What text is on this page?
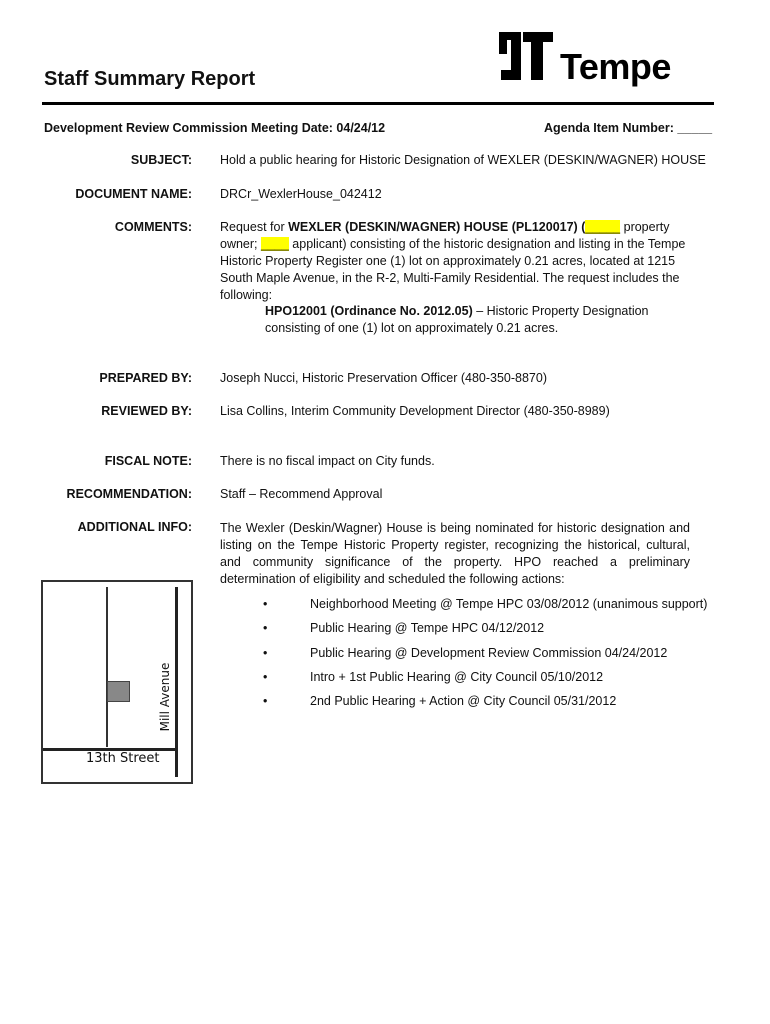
Staff Summary Report	Tempe
Development Review Commission Meeting Date: 04/24/12	Agenda Item Number: _____
SUBJECT: Hold a public hearing for Historic Designation of WEXLER (DESKIN/WAGNER) HOUSE
DOCUMENT NAME: DRCr_WexlerHouse_042412
COMMENTS: Request for WEXLER (DESKIN/WAGNER) HOUSE (PL120017) (_____ property owner; ____ applicant) consisting of the historic designation and listing in the Tempe Historic Property Register one (1) lot on approximately 0.21 acres, located at 1215 South Maple Avenue, in the R-2, Multi-Family Residential. The request includes the following:
HPO12001 (Ordinance No. 2012.05) – Historic Property Designation consisting of one (1) lot on approximately 0.21 acres.
PREPARED BY: Joseph Nucci, Historic Preservation Officer (480-350-8870)
REVIEWED BY: Lisa Collins, Interim Community Development Director (480-350-8989)
FISCAL NOTE: There is no fiscal impact on City funds.
RECOMMENDATION: Staff – Recommend Approval
ADDITIONAL INFO: The Wexler (Deskin/Wagner) House is being nominated for historic designation and listing on the Tempe Historic Property register, recognizing the historical, cultural, and community significance of the property. HPO reached a preliminary determination of eligibility and scheduled the following actions:
•	Neighborhood Meeting @ Tempe HPC 03/08/2012 (unanimous support)
•	Public Hearing @ Tempe HPC 04/12/2012
•	Public Hearing @ Development Review Commission 04/24/2012
•	Intro + 1st Public Hearing @ City Council 05/10/2012
•	2nd Public Hearing + Action @ City Council 05/31/2012
13th Street
Mill Avenue
